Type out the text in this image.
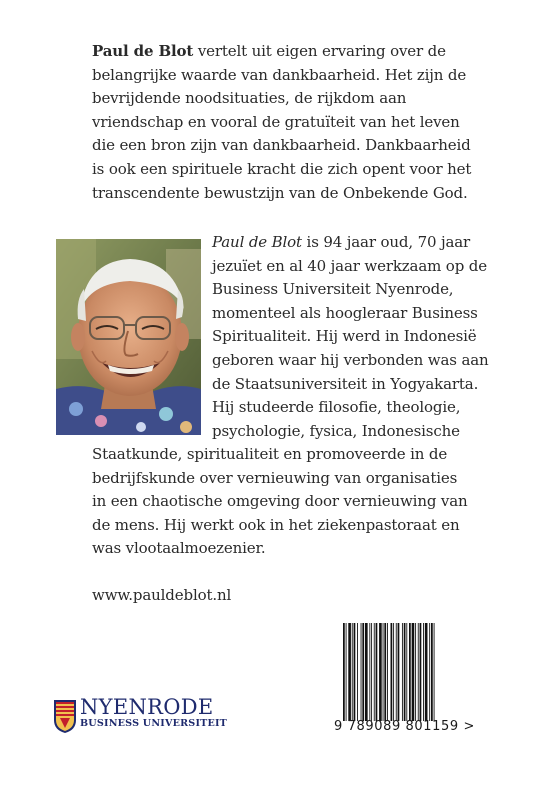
Paul de Blot vertelt uit eigen ervaring over de belangrijke waarde van dankbaarheid. Het zijn de bevrijdende noodsituaties, de rijkdom aan vriendschap en vooral de gratuïteit van het leven die een bron zijn van dankbaarheid. Dankbaarheid is ook een spirituele kracht die zich opent voor het transcendente bewustzijn van de Onbekende God.

Paul de Blot is 94 jaar oud, 70 jaar jezuïet en al 40 jaar werkzaam op de Business Universiteit Nyenrode, momenteel als hoogleraar Business Spiritualiteit. Hij werd in Indonesië geboren waar hij verbonden was aan de Staatsuniversiteit in Yogyakarta. Hij studeerde filosofie, theologie, psychologie, fysica, Indonesische

Staatkunde, spiritualiteit en promoveerde in de bedrijfskunde over vernieuwing van organisaties in een chaotische omgeving door vernieuwing van de mens. Hij werkt ook in het ziekenpastoraat en was vlootaalmoezenier.

www.pauldeblot.nl

NYENRODE
BUSINESS UNIVERSITEIT	9 789089 801159 >
